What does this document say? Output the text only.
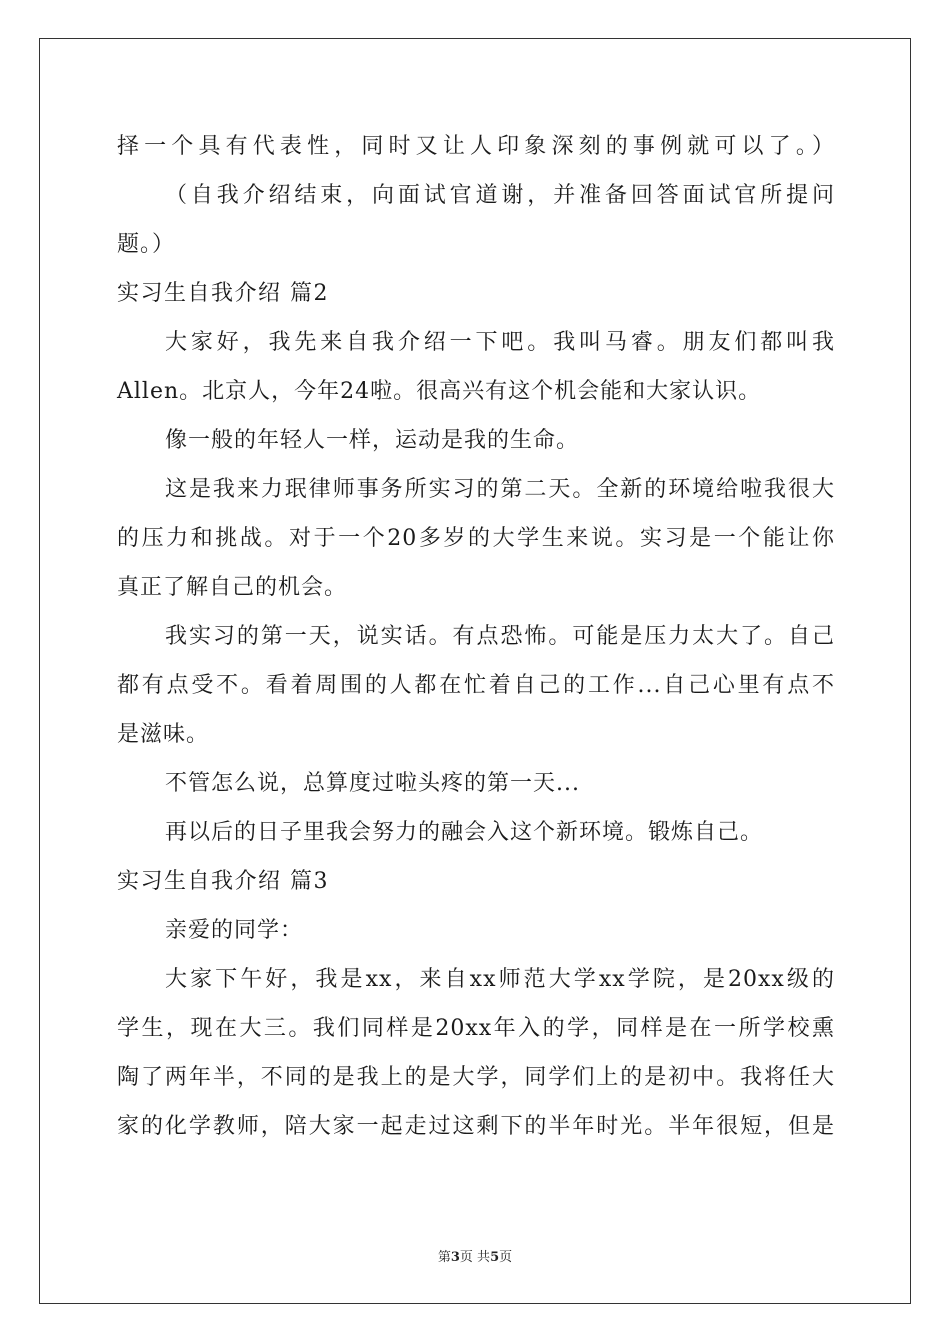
择一个具有代表性，同时又让人印象深刻的事例就可以了。）
（自我介绍结束，向面试官道谢，并准备回答面试官所提问
题。）
实习生自我介绍 篇2
大家好，我先来自我介绍一下吧。我叫马睿。朋友们都叫我
Allen。北京人，今年24啦。很高兴有这个机会能和大家认识。
像一般的年轻人一样，运动是我的生命。
这是我来力珉律师事务所实习的第二天。全新的环境给啦我很大
的压力和挑战。对于一个20多岁的大学生来说。实习是一个能让你
真正了解自己的机会。
我实习的第一天，说实话。有点恐怖。可能是压力太大了。自己
都有点受不。看着周围的人都在忙着自己的工作...自己心里有点不
是滋味。
不管怎么说，总算度过啦头疼的第一天...
再以后的日子里我会努力的融会入这个新环境。锻炼自己。
实习生自我介绍 篇3
亲爱的同学：
大家下午好，我是xx，来自xx师范大学xx学院，是20xx级的
学生，现在大三。我们同样是20xx年入的学，同样是在一所学校熏
陶了两年半，不同的是我上的是大学，同学们上的是初中。我将任大
家的化学教师，陪大家一起走过这剩下的半年时光。半年很短，但是
第3页 共5页
